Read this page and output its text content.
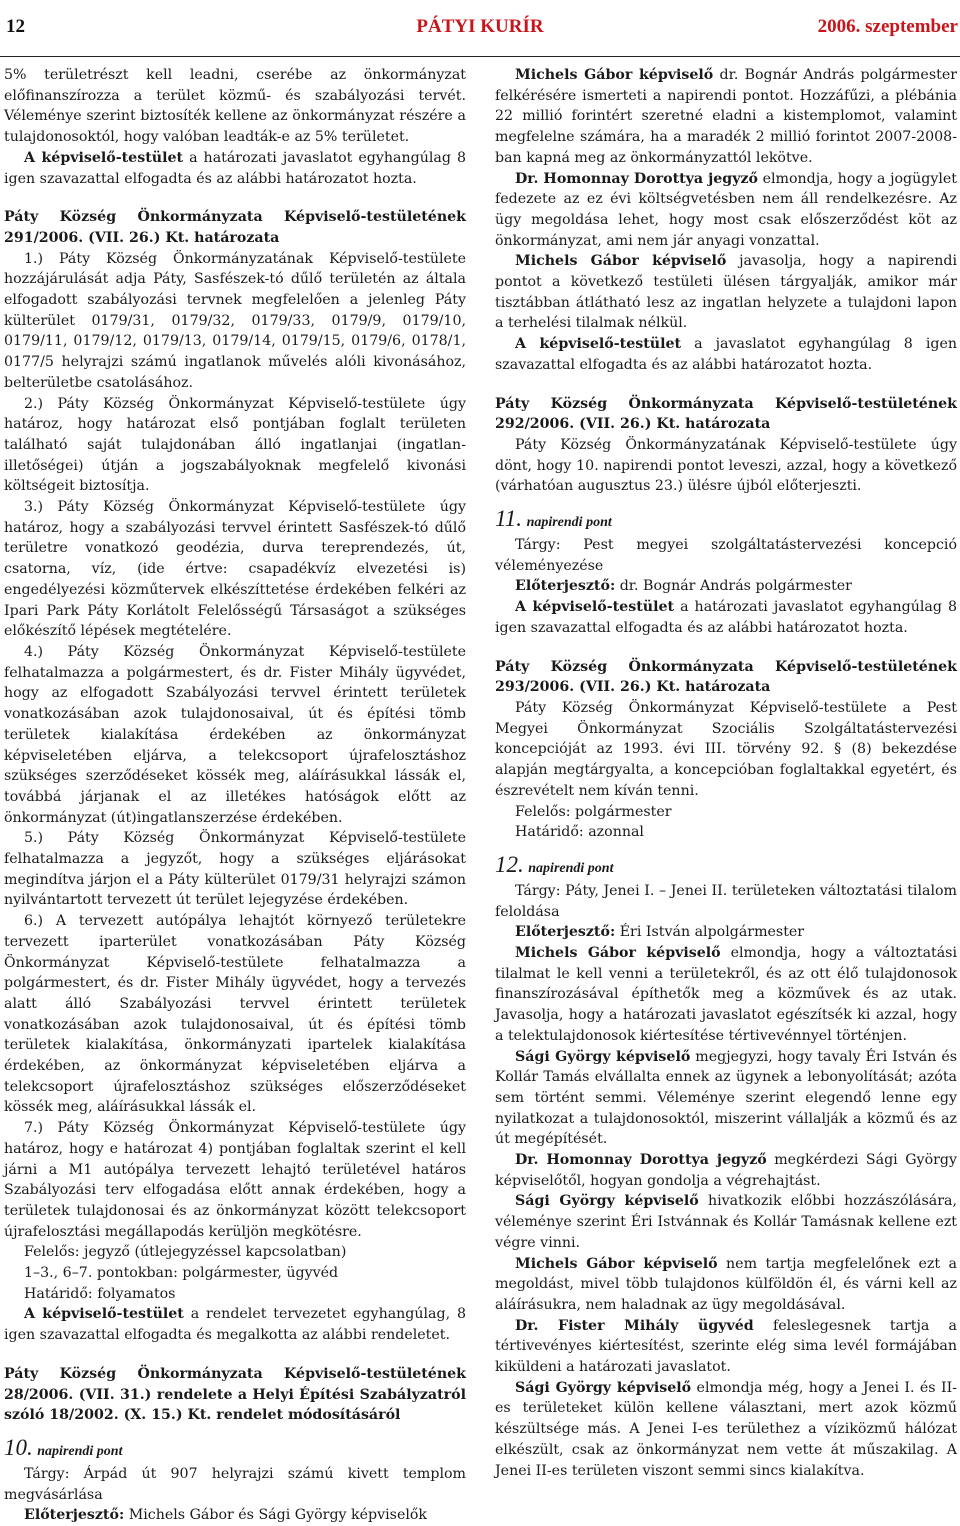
12	PÁTYI KURÍR	2006. szeptember

5% területrészt kell leadni, cserébe az önkormányzat előfinanszírozza a terület közmű- és szabályozási tervét. Véleménye szerint biztosíték kellene az önkormányzat részére a tulajdonosoktól, hogy valóban leadták-e az 5% területet.

A képviselő-testület a határozati javaslatot egyhangúlag 8 igen szavazattal elfogadta és az alábbi határozatot hozta.

Páty Község Önkormányzata Képviselő-testületének 291/2006. (VII. 26.) Kt. határozata

1.) Páty Község Önkormányzatának Képviselő-testülete hozzájárulását adja Páty, Sasfészek-tó dűlő területén az általa elfogadott szabályozási tervnek megfelelően a jelenleg Páty külterület 0179/31, 0179/32, 0179/33, 0179/9, 0179/10, 0179/11, 0179/12, 0179/13, 0179/14, 0179/15, 0179/6, 0178/1, 0177/5 helyrajzi számú ingatlanok művelés alóli kivonásához, belterületbe csatolásához.

2.) Páty Község Önkormányzat Képviselő-testülete úgy határoz, hogy határozat első pontjában foglalt területen található saját tulajdonában álló ingatlanjai (ingatlan-illetőségei) útján a jogszabályoknak megfelelő kivonási költségeit biztosítja.

3.) Páty Község Önkormányzat Képviselő-testülete úgy határoz, hogy a szabályozási tervvel érintett Sasfészek-tó dűlő területre vonatkozó geodézia, durva tereprendezés, út, csatorna, víz, (ide értve: csapadékvíz elvezetési is) engedélyezési közműtervek elkészíttetése érdekében felkéri az Ipari Park Páty Korlátolt Felelősségű Társaságot a szükséges előkészítő lépések megtételére.

4.) Páty Község Önkormányzat Képviselő-testülete felhatalmazza a polgármestert, és dr. Fister Mihály ügyvédet, hogy az elfogadott Szabályozási tervvel érintett területek vonatkozásában azok tulajdonosaival, út és építési tömb területek kialakítása érdekében az önkormányzat képviseletében eljárva, a telekcsoport újrafelosztáshoz szükséges szerződéseket kössék meg, aláírásukkal lássák el, továbbá járjanak el az illetékes hatóságok előtt az önkormányzat (út)ingatlanszerzése érdekében.

5.) Páty Község Önkormányzat Képviselő-testülete felhatalmazza a jegyzőt, hogy a szükséges eljárásokat megindítva járjon el a Páty külterület 0179/31 helyrajzi számon nyilvántartott tervezett út terület lejegyzése érdekében.

6.) A tervezett autópálya lehajtót környező területekre tervezett iparterület vonatkozásában Páty Község Önkormányzat Képviselő-testülete felhatalmazza a polgármestert, és dr. Fister Mihály ügyvédet, hogy a tervezés alatt álló Szabályozási tervvel érintett területek vonatkozásában azok tulajdonosaival, út és építési tömb területek kialakítása, önkormányzati ipartelek kialakítása érdekében, az önkormányzat képviseletében eljárva a telekcsoport újrafelosztáshoz szükséges előszerződéseket kössék meg, aláírásukkal lássák el.

7.) Páty Község Önkormányzat Képviselő-testülete úgy határoz, hogy e határozat 4) pontjában foglaltak szerint el kell járni a M1 autópálya tervezett lehajtó területével határos Szabályozási terv elfogadása előtt annak érdekében, hogy a területek tulajdonosai és az önkormányzat között telekcsoport újrafelosztási megállapodás kerüljön megkötésre.

Felelős: jegyző (útlejegyzéssel kapcsolatban)

1–3., 6–7. pontokban: polgármester, ügyvéd

Határidő: folyamatos

A képviselő-testület a rendelet tervezetet egyhangúlag, 8 igen szavazattal elfogadta és megalkotta az alábbi rendeletet.

Páty Község Önkormányzata Képviselő-testületének 28/2006. (VII. 31.) rendelete a Helyi Építési Szabályzatról szóló 18/2002. (X. 15.) Kt. rendelet módosításáról

10. napirendi pont

Tárgy: Árpád út 907 helyrajzi számú kivett templom megvásárlása

Előterjesztő: Michels Gábor és Sági György képviselők

Michels Gábor képviselő dr. Bognár András polgármester felkérésére ismerteti a napirendi pontot. Hozzáfűzi, a plébánia 22 millió forintért szeretné eladni a kistemplomot, valamint megfelelne számára, ha a maradék 2 millió forintot 2007-2008-ban kapná meg az önkormányzattól lekötve.

Dr. Homonnay Dorottya jegyző elmondja, hogy a jogügylet fedezete az ez évi költségvetésben nem áll rendelkezésre. Az ügy megoldása lehet, hogy most csak előszerződést köt az önkormányzat, ami nem jár anyagi vonzattal.

Michels Gábor képviselő javasolja, hogy a napirendi pontot a következő testületi ülésen tárgyalják, amikor már tisztábban átlátható lesz az ingatlan helyzete a tulajdoni lapon a terhelési tilalmak nélkül.

A képviselő-testület a javaslatot egyhangúlag 8 igen szavazattal elfogadta és az alábbi határozatot hozta.

Páty Község Önkormányzata Képviselő-testületének 292/2006. (VII. 26.) Kt. határozata

Páty Község Önkormányzatának Képviselő-testülete úgy dönt, hogy 10. napirendi pontot leveszi, azzal, hogy a következő (várhatóan augusztus 23.) ülésre újból előterjeszti.

11. napirendi pont

Tárgy: Pest megyei szolgáltatástervezési koncepció véleményezése

Előterjesztő: dr. Bognár András polgármester

A képviselő-testület a határozati javaslatot egyhangúlag 8 igen szavazattal elfogadta és az alábbi határozatot hozta.

Páty Község Önkormányzata Képviselő-testületének 293/2006. (VII. 26.) Kt. határozata

Páty Község Önkormányzat Képviselő-testülete a Pest Megyei Önkormányzat Szociális Szolgáltatástervezési koncepcióját az 1993. évi III. törvény 92. § (8) bekezdése alapján megtárgyalta, a koncepcióban foglaltakkal egyetért, és észrevételt nem kíván tenni.

Felelős: polgármester

Határidő: azonnal

12. napirendi pont

Tárgy: Páty, Jenei I. – Jenei II. területeken változtatási tilalom feloldása

Előterjesztő: Éri István alpolgármester

Michels Gábor képviselő elmondja, hogy a változtatási tilalmat le kell venni a területekről, és az ott élő tulajdonosok finanszírozásával építhetők meg a közművek és az utak. Javasolja, hogy a határozati javaslatot egészítsék ki azzal, hogy a telektulajdonosok kiértesítése tértivevénnyel történjen.

Sági György képviselő megjegyzi, hogy tavaly Éri István és Kollár Tamás elvállalta ennek az ügynek a lebonyolítását; azóta sem történt semmi. Véleménye szerint elegendő lenne egy nyilatkozat a tulajdonosoktól, miszerint vállalják a közmű és az út megépítését.

Dr. Homonnay Dorottya jegyző megkérdezi Sági György képviselőtől, hogyan gondolja a végrehajtást.

Sági György képviselő hivatkozik előbbi hozzászólására, véleménye szerint Éri Istvánnak és Kollár Tamásnak kellene ezt végre vinni.

Michels Gábor képviselő nem tartja megfelelőnek ezt a megoldást, mivel több tulajdonos külföldön él, és várni kell az aláírásukra, nem haladnak az ügy megoldásával.

Dr. Fister Mihály ügyvéd feleslegesnek tartja a tértivevényes kiértesítést, szerinte elég sima levél formájában kiküldeni a határozati javaslatot.

Sági György képviselő elmondja még, hogy a Jenei I. és II-es területeket külön kellene választani, mert azok közmű készültsége más. A Jenei I-es területhez a víziközmű hálózat elkészült, csak az önkormányzat nem vette át műszakilag. A Jenei II-es területen viszont semmi sincs kialakítva.
